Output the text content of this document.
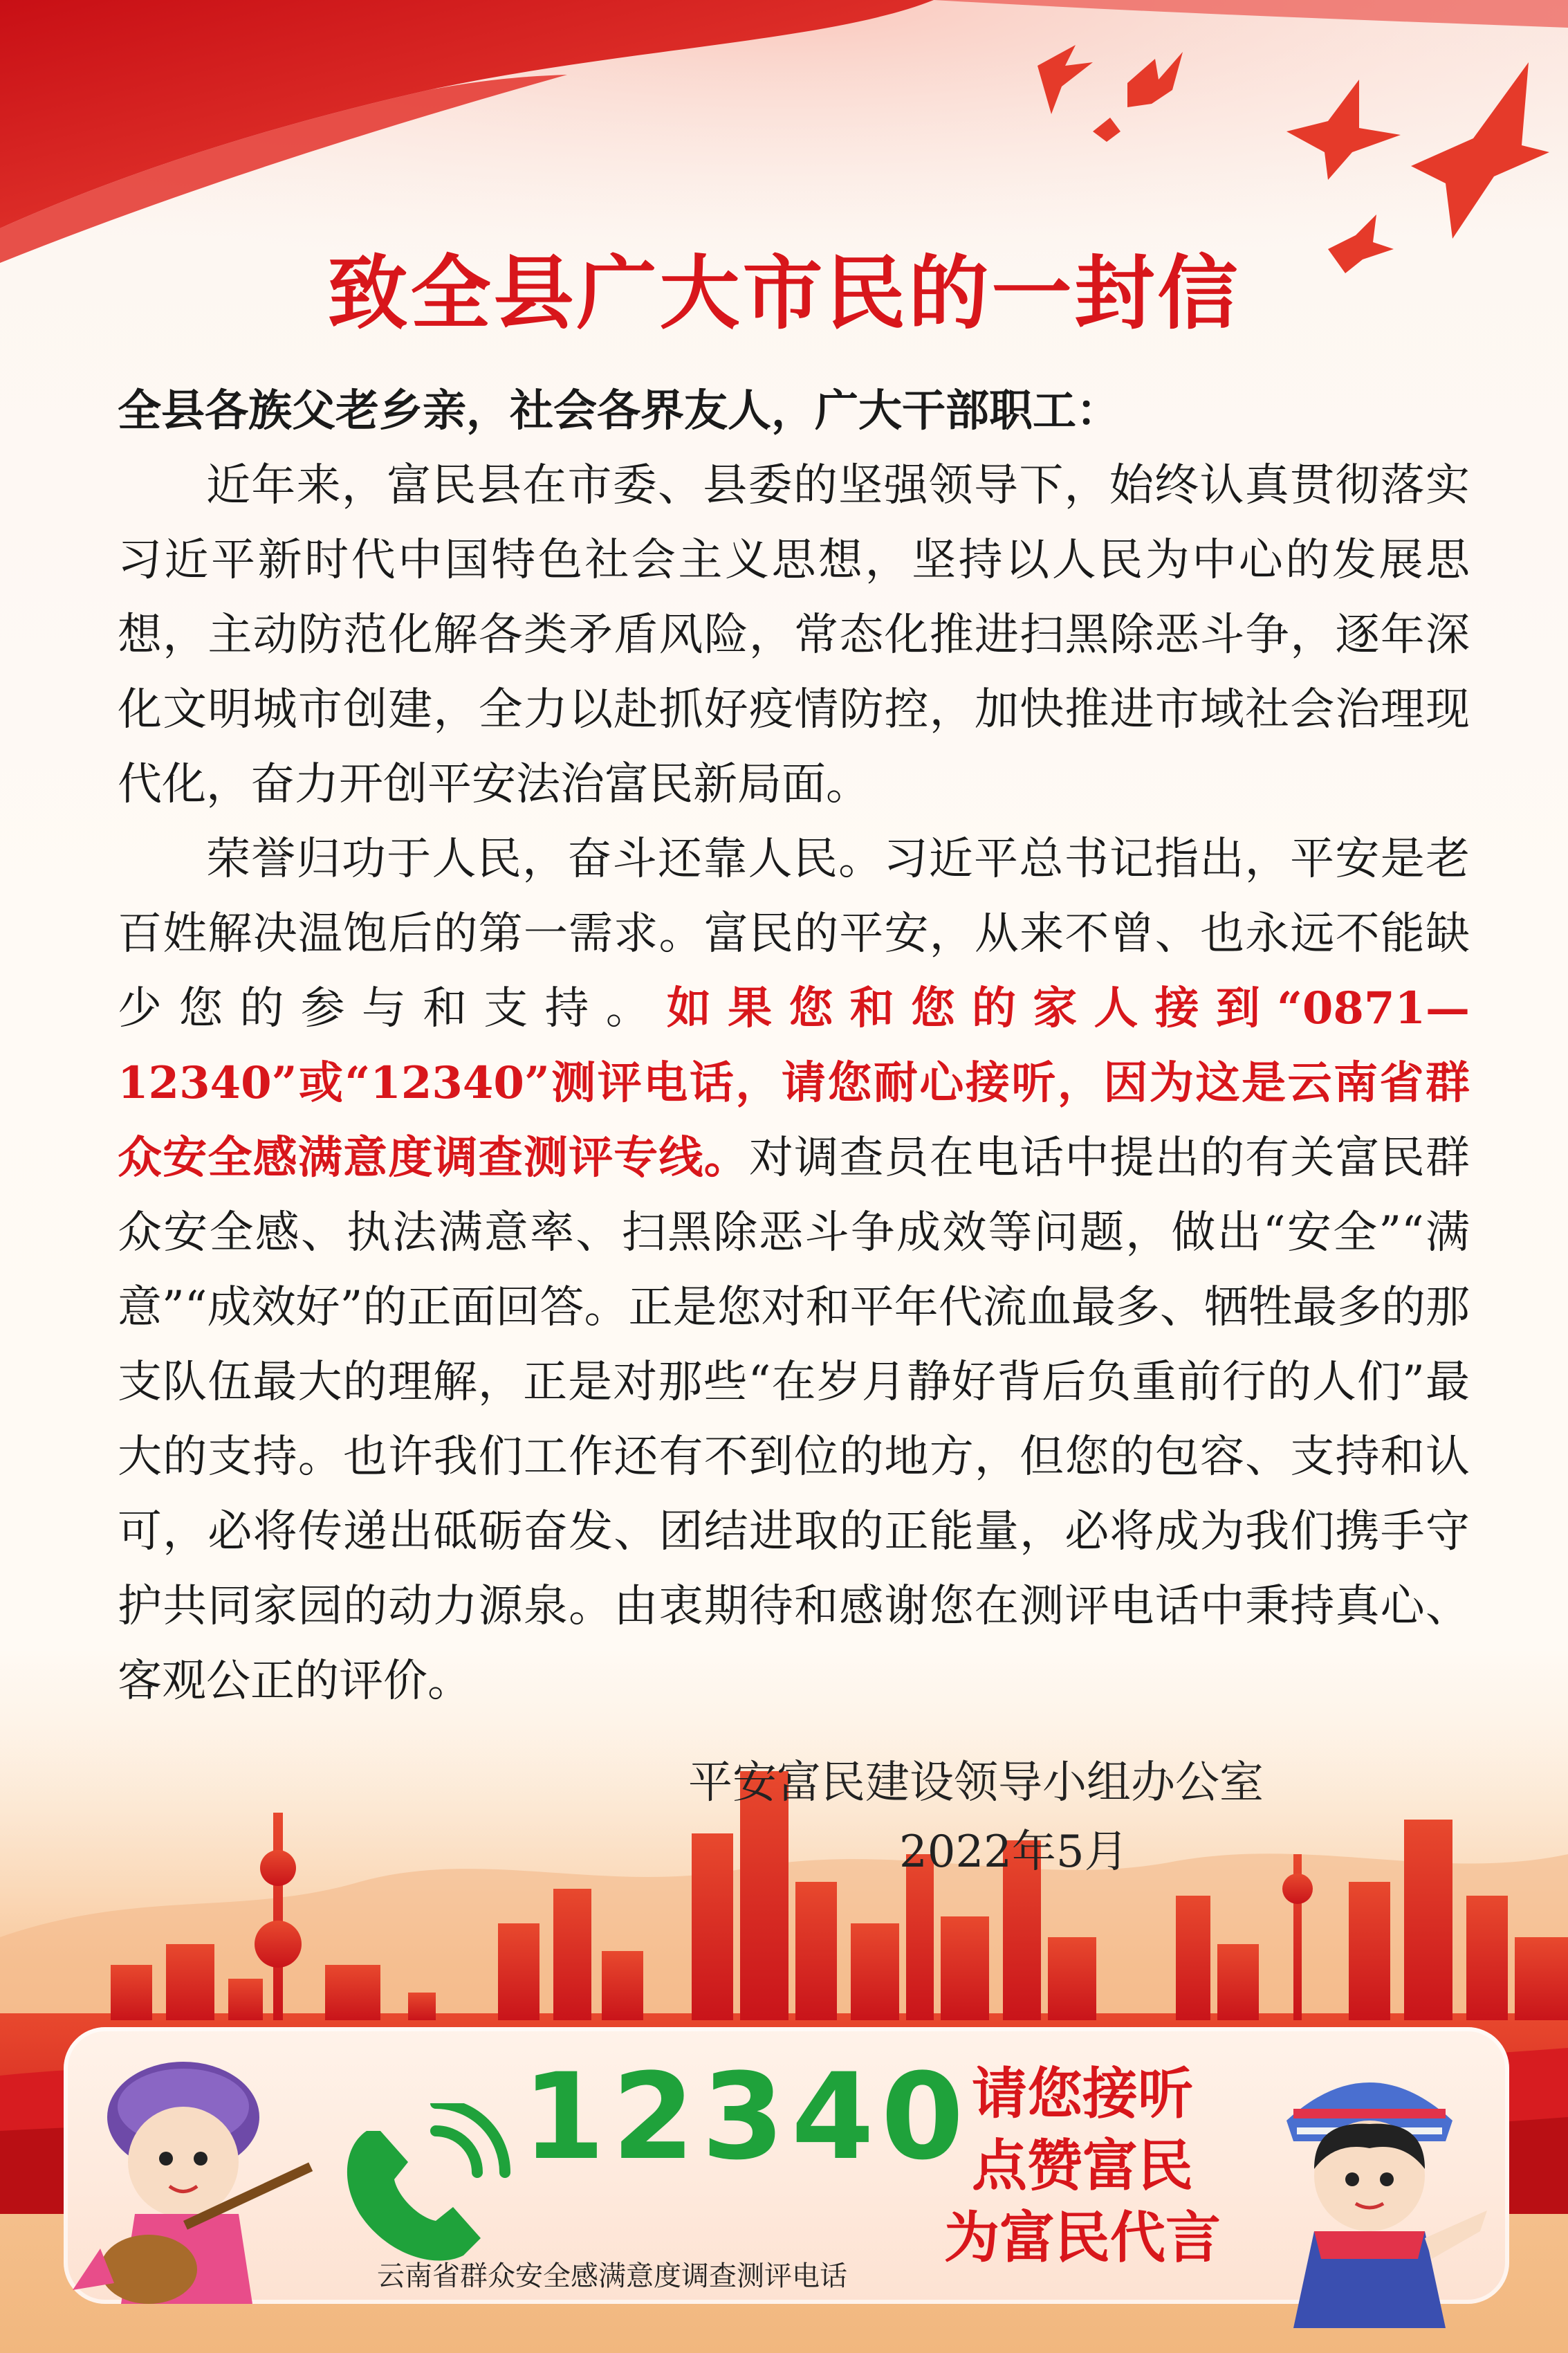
致全县广大市民的一封信
全县各族父老乡亲，社会各界友人，广大干部职工：

近年来，富民县在市委、县委的坚强领导下，始终认真贯彻落实习近平新时代中国特色社会主义思想，坚持以人民为中心的发展思想，主动防范化解各类矛盾风险，常态化推进扫黑除恶斗争，逐年深化文明城市创建，全力以赴抓好疫情防控，加快推进市域社会治理现代化，奋力开创平安法治富民新局面。

荣誉归功于人民，奋斗还靠人民。习近平总书记指出，平安是老百姓解决温饱后的第一需求。富民的平安，从来不曾、也永远不能缺少您的参与和支持。如果您和您的家人接到“0871—12340”或“12340”测评电话，请您耐心接听，因为这是云南省群众安全感满意度调查测评专线。对调查员在电话中提出的有关富民群众安全感、执法满意率、扫黑除恶斗争成效等问题，做出“安全”“满意”“成效好”的正面回答。正是您对和平年代流血最多、牺牲最多的那支队伍最大的理解，正是对那些“在岁月静好背后负重前行的人们”最大的支持。也许我们工作还有不到位的地方，但您的包容、支持和认可，必将传递出砥砺奋发、团结进取的正能量，必将成为我们携手守护共同家园的动力源泉。由衷期待和感谢您在测评电话中秉持真心、客观公正的评价。

平安富民建设领导小组办公室
2022年5月
12340
云南省群众安全感满意度调查测评电话
请您接听
点赞富民
为富民代言
